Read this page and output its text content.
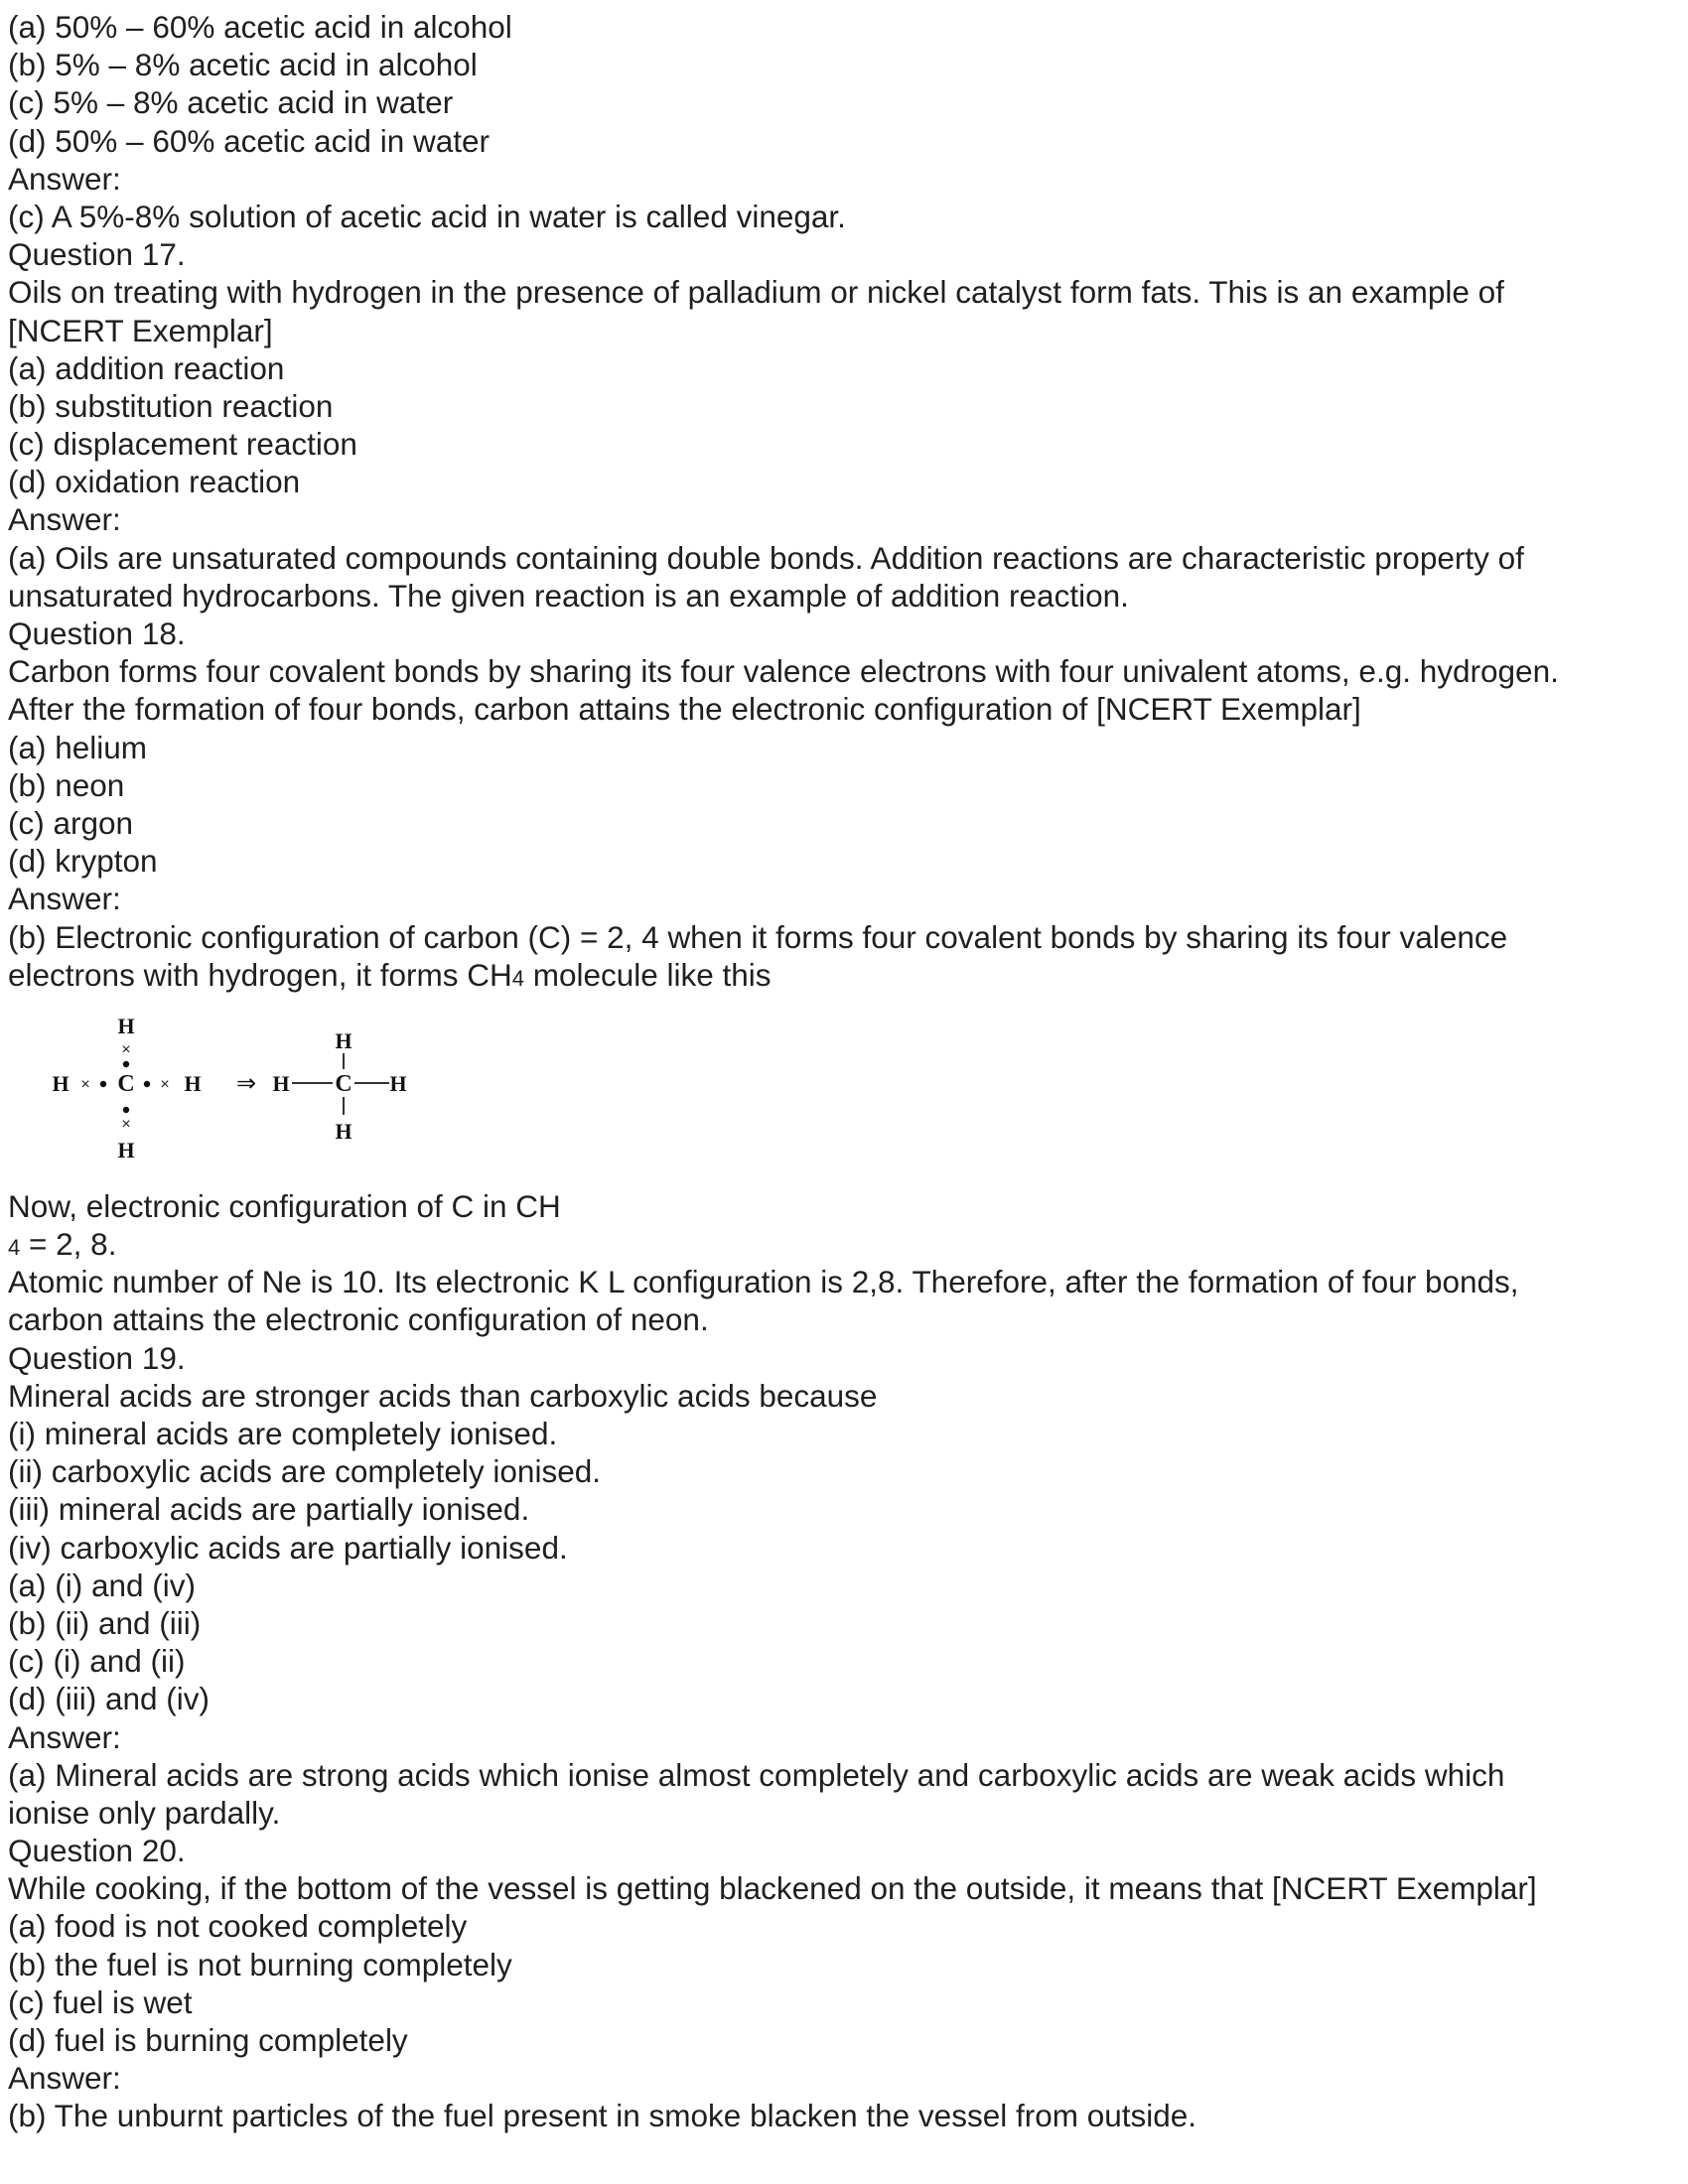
(a) 50% – 60% acetic acid in alcohol
(b) 5% – 8% acetic acid in alcohol
(c) 5% – 8% acetic acid in water
(d) 50% – 60% acetic acid in water
Answer:
(c) A 5%-8% solution of acetic acid in water is called vinegar.
Question 17.
Oils on treating with hydrogen in the presence of palladium or nickel catalyst form fats. This is an example of
[NCERT Exemplar]
(a) addition reaction
(b) substitution reaction
(c) displacement reaction
(d) oxidation reaction
Answer:
(a) Oils are unsaturated compounds containing double bonds. Addition reactions are characteristic property of
unsaturated hydrocarbons. The given reaction is an example of addition reaction.
Question 18.
Carbon forms four covalent bonds by sharing its four valence electrons with four univalent atoms, e.g. hydrogen.
After the formation of four bonds, carbon attains the electronic configuration of [NCERT Exemplar]
(a) helium
(b) neon
(c) argon
(d) krypton
Answer:
(b) Electronic configuration of carbon (C) = 2, 4 when it forms four covalent bonds by sharing its four valence
electrons with hydrogen, it forms CH4 molecule like this
H
×
H × C × H
×
H
⇒
H
H C H
H
Now, electronic configuration of C in CH
4 = 2, 8.
Atomic number of Ne is 10. Its electronic K L configuration is 2,8. Therefore, after the formation of four bonds,
carbon attains the electronic configuration of neon.
Question 19.
Mineral acids are stronger acids than carboxylic acids because
(i) mineral acids are completely ionised.
(ii) carboxylic acids are completely ionised.
(iii) mineral acids are partially ionised.
(iv) carboxylic acids are partially ionised.
(a) (i) and (iv)
(b) (ii) and (iii)
(c) (i) and (ii)
(d) (iii) and (iv)
Answer:
(a) Mineral acids are strong acids which ionise almost completely and carboxylic acids are weak acids which
ionise only pardally.
Question 20.
While cooking, if the bottom of the vessel is getting blackened on the outside, it means that [NCERT Exemplar]
(a) food is not cooked completely
(b) the fuel is not burning completely
(c) fuel is wet
(d) fuel is burning completely
Answer:
(b) The unburnt particles of the fuel present in smoke blacken the vessel from outside.
